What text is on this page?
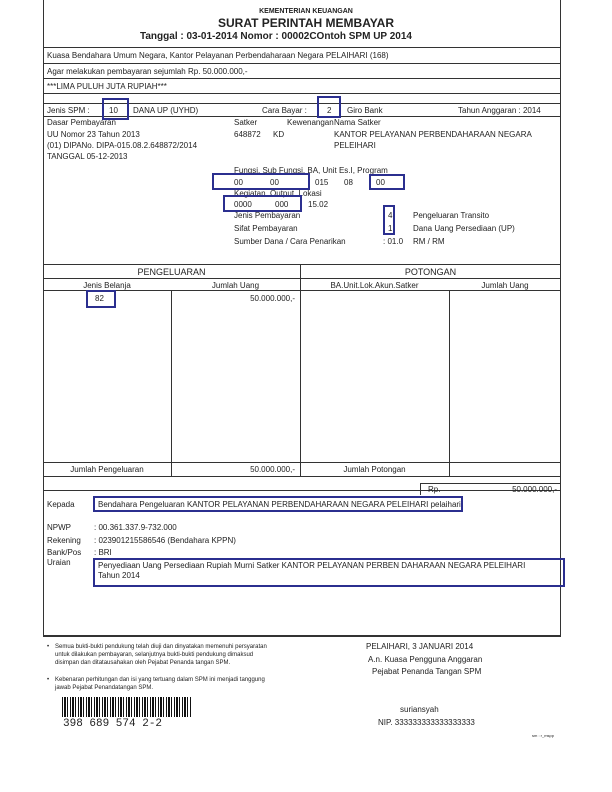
KEMENTERIAN KEUANGAN
SURAT PERINTAH MEMBAYAR
Tanggal : 03-01-2014 Nomor : 00002COntoh SPM UP 2014
Kuasa Bendahara Umum Negara, Kantor Pelayanan Perbendaharaan Negara PELAIHARI (168)
Agar melakukan pembayaran sejumlah Rp. 50.000.000,-
***LIMA PULUH JUTA RUPIAH***
Jenis SPM : 10 DANA UP (UYHD)	Cara Bayar :	2 Giro Bank	Tahun Anggaran : 2014
Dasar Pembayaran
UU Nomor 23 Tahun 2013
(01) DIPANo. DIPA-015.08.2.648872/2014
TANGGAL 05-12-2013
Satker
648872
Kewenangan
KD
Nama Satker
KANTOR PELAYANAN PERBENDAHARAAN NEGARA
PELEIHARI
Fungsi, Sub Fungsi, BA, Unit Es.I, Program
00	00	015 08	00
Kegiatan, Output, Lokasi
0000	000 15.02
Jenis Pembayaran	4	Pengeluaran Transito
Sifat Pembayaran	1	Dana Uang Persediaan (UP)
Sumber Dana / Cara Penarikan	: 01.0 RM / RM
PENGELUARAN	POTONGAN
Jenis Belanja	Jumlah Uang	BA.Unit.Lok.Akun.Satker	Jumlah Uang
82	50.000.000,-
Jumlah Pengeluaran	50.000.000,-	Jumlah Potongan
Rp.	50.000.000,-
Kepada	Bendahara Pengeluaran KANTOR PELAYANAN PERBENDAHARAAN NEGARA PELEIHARI pelaihari
NPWP	: 00.361.337.9-732.000
Rekening : 023901215586546 (Bendahara KPPN)
Bank/Pos : BRI
Uraian	Penyediaan Uang Persediaan Rupiah Murni Satker KANTOR PELAYANAN PERBEN DAHARAAN NEGARA PELEIHARI
Tahun 2014
• Semua bukti-bukti pendukung telah diuji dan dinyatakan memenuhi persyaratan
untuk dilakukan pembayaran, selanjutnya bukti-bukti pendukung dimaksud
disimpan dan ditatausahakan oleh Pejabat Penanda tangan SPM.
• Kebenaran perhitungan dan isi yang tertuang dalam SPM ini menjadi tanggung
jawab Pejabat Penandatangan SPM.
PELAIHARI, 3 JANUARI 2014
A.n. Kuasa Pengguna Anggaran
Pejabat Penanda Tangan SPM
suriansyah
NIP. 333333333333333333
398 689 574 2-2
sm : r_mspp
